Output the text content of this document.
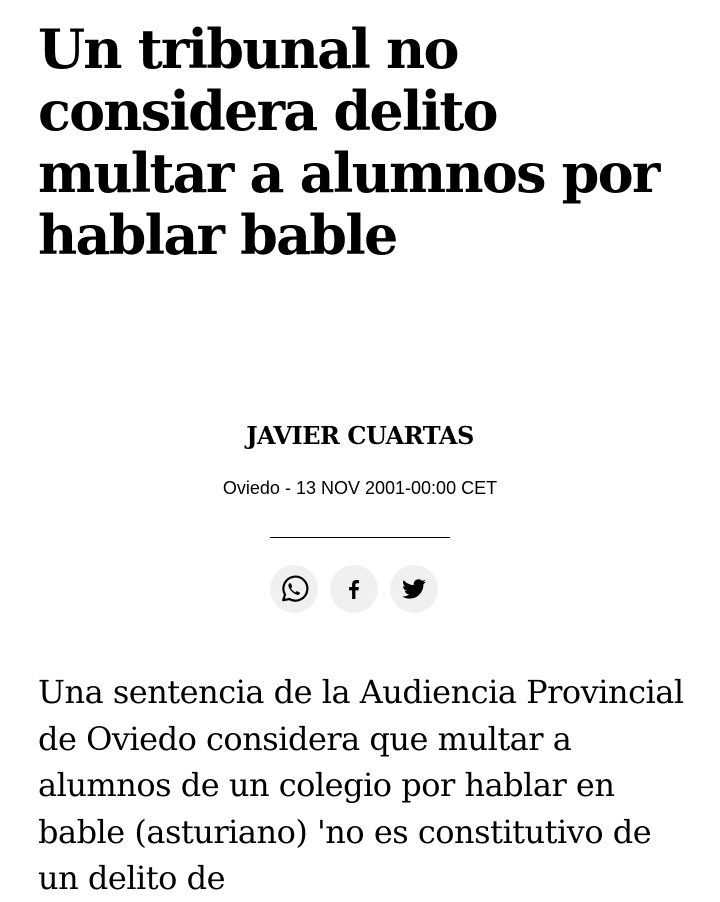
Un tribunal no considera delito multar a alumnos por hablar bable
JAVIER CUARTAS
Oviedo - 13 NOV 2001-00:00 CET

Una sentencia de la Audiencia Provincial de Oviedo considera que multar a alumnos de un colegio por hablar en bable (asturiano) 'no es constitutivo de un delito de
